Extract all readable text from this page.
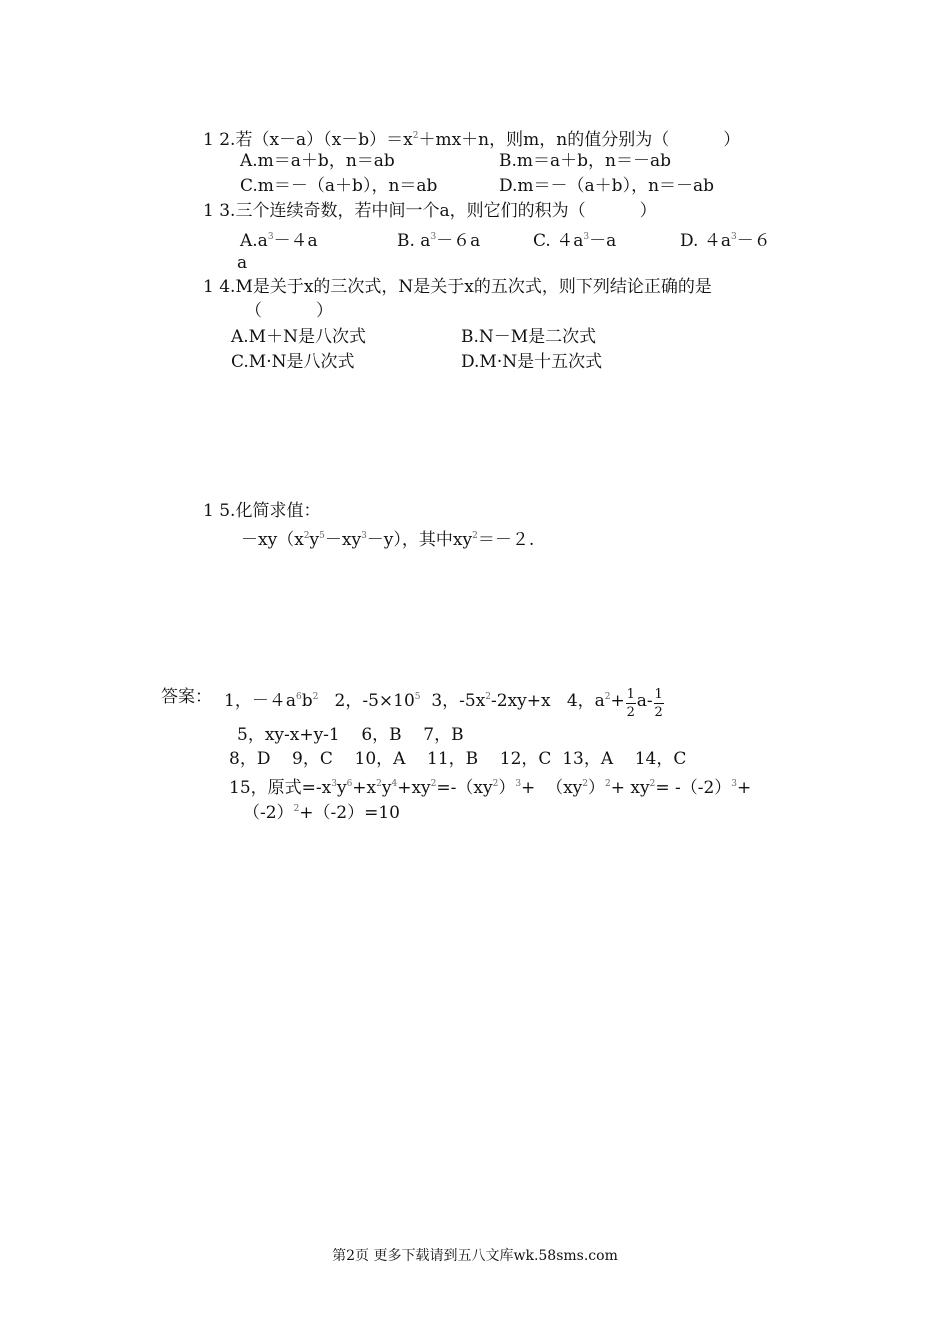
1 2.若$(x-a)(x-b)=x^2+mx+n$，则m，n的值分别为（          ）
A.m＝a＋b，n＝ab	B.m＝a＋b，n＝－ab
C.m＝－（a＋b），n＝ab	D.m＝－（a＋b），n＝－ab
1 3.三个连续奇数，若中间一个a，则它们的积为（          ）
$A.a^3-4a$	B. $a^3-6a$	C. $4a^3-a$	D. $4a^3-6$
a
1 4.M是关于x的三次式，N是关于x的五次式，则下列结论正确的是
（          ）
A.M＋N是八次式	B.N－M是二次式
C.M·N是八次式	D.M·N是十五次式
1 5.化简求值：
$-xy(x^2y^5-xy^3-y)$，其中$xy^2=-2$.
答案： 1，$-4a^6b^2$   2，$-5\times 10^5$  3，$-5x^2-2xy+x$   4，$a^2+ \frac{1}{2} a- \frac{1}{2}$
5，xy-x+y-1    6，B    7，B
8，D    9，C    10，A    11，B    12，C  13，A    14，C
15，原式$=-x^3y^6+x^2y^4+xy^2=-(xy^2)^3+ (xy^2)^2+ xy^2= -(-2)^3+$
$(-2)^2+(-2)=10$
第2页 更多下载请到五八文库wk.58sms.com
